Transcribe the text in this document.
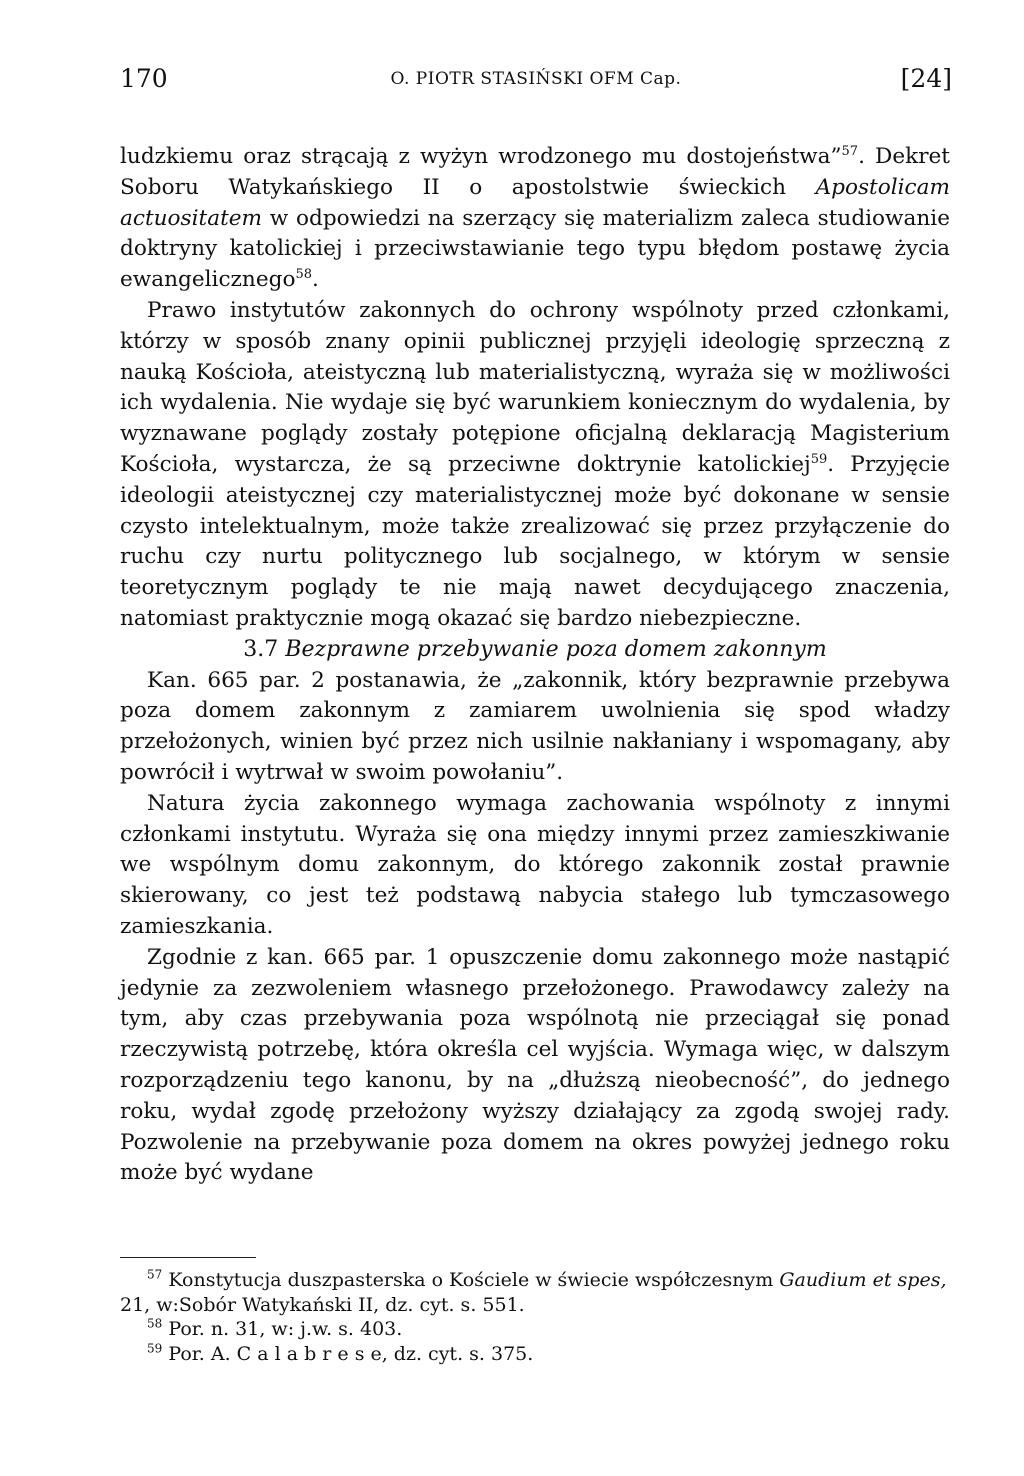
170	O. PIOTR STASIŃSKI OFM Cap.	[24]

ludzkiemu oraz strącają z wyżyn wrodzonego mu dostojeństwa”$^{57}$. Dekret Soboru Watykańskiego II o apostolstwie świeckich Apostolicam actuositatem w odpowiedzi na szerzący się materializm zaleca studiowanie doktryny katolickiej i przeciwstawianie tego typu błędom postawę życia ewangelicznego$^{58}$.

Prawo instytutów zakonnych do ochrony wspólnoty przed członkami, którzy w sposób znany opinii publicznej przyjęli ideologię sprzeczną z nauką Kościoła, ateistyczną lub materialistyczną, wyraża się w możliwości ich wydalenia. Nie wydaje się być warunkiem koniecznym do wydalenia, by wyznawane poglądy zostały potępione oficjalną deklaracją Magisterium Kościoła, wystarcza, że są przeciwne doktrynie katolickiej$^{59}$. Przyjęcie ideologii ateistycznej czy materialistycznej może być dokonane w sensie czysto intelektualnym, może także zrealizować się przez przyłączenie do ruchu czy nurtu politycznego lub socjalnego, w którym w sensie teoretycznym poglądy te nie mają nawet decydującego znaczenia, natomiast praktycznie mogą okazać się bardzo niebezpieczne.

3.7 Bezprawne przebywanie poza domem zakonnym

Kan. 665 par. 2 postanawia, że „zakonnik, który bezprawnie przebywa poza domem zakonnym z zamiarem uwolnienia się spod władzy przełożonych, winien być przez nich usilnie nakłaniany i wspomagany, aby powrócił i wytrwał w swoim powołaniu”.

Natura życia zakonnego wymaga zachowania wspólnoty z innymi członkami instytutu. Wyraża się ona między innymi przez zamieszkiwanie we wspólnym domu zakonnym, do którego zakonnik został prawnie skierowany, co jest też podstawą nabycia stałego lub tymczasowego zamieszkania.

Zgodnie z kan. 665 par. 1 opuszczenie domu zakonnego może nastąpić jedynie za zezwoleniem własnego przełożonego. Prawodawcy zależy na tym, aby czas przebywania poza wspólnotą nie przeciągał się ponad rzeczywistą potrzebę, która określa cel wyjścia. Wymaga więc, w dalszym rozporządzeniu tego kanonu, by na „dłuższą nieobecność”, do jednego roku, wydał zgodę przełożony wyższy działający za zgodą swojej rady. Pozwolenie na przebywanie poza domem na okres powyżej jednego roku może być wydane

$^{57}$ Konstytucja duszpasterska o Kościele w świecie współczesnym Gaudium et spes, 21, w:Sobór Watykański II, dz. cyt. s. 551.

$^{58}$ Por. n. 31, w: j.w. s. 403.

$^{59}$ Por. A. C a l a b r e s e, dz. cyt. s. 375.
